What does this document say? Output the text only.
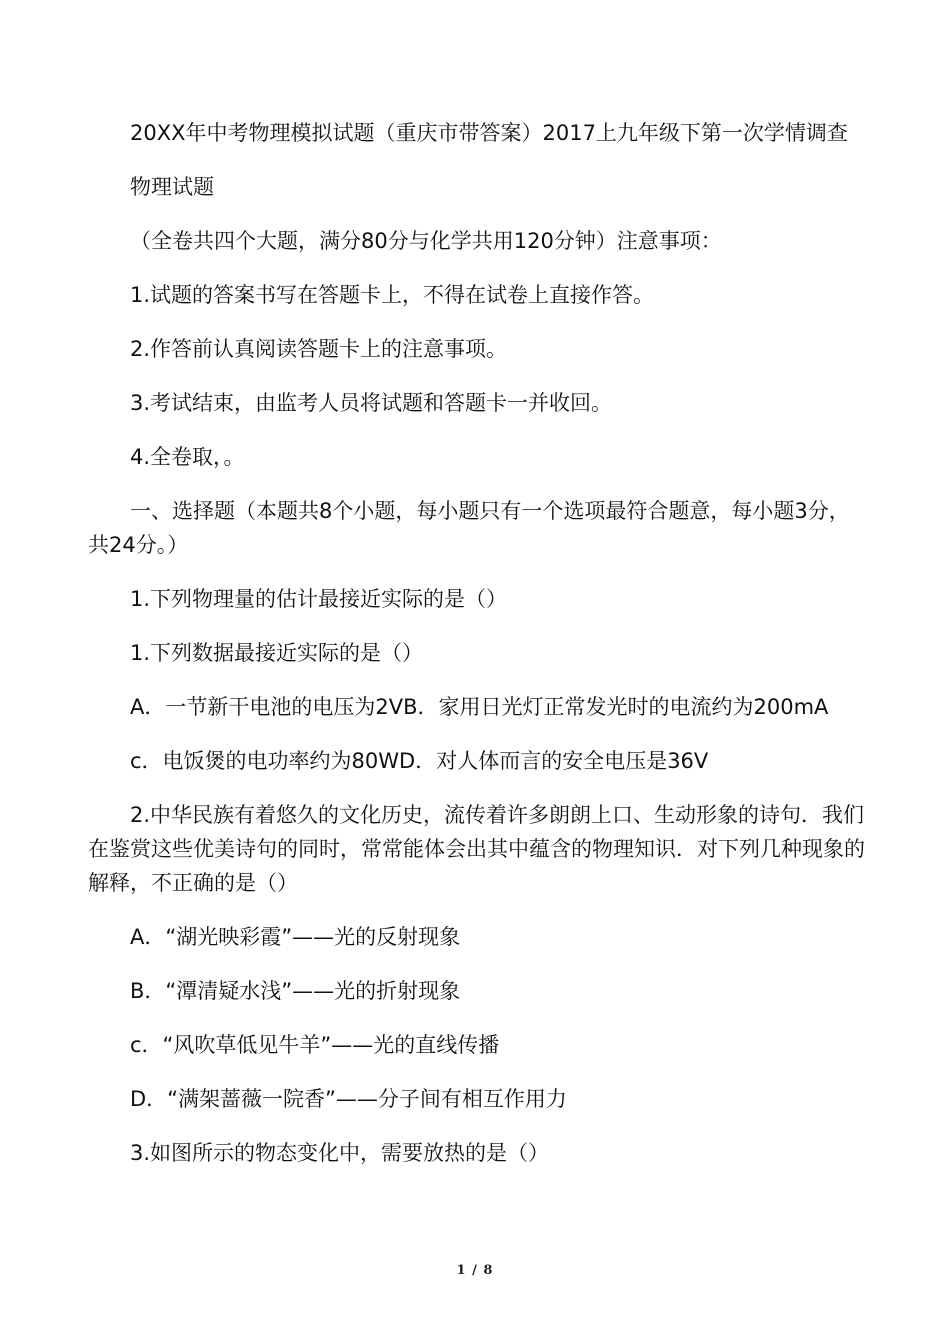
20XX年中考物理模拟试题（重庆市带答案）2017上九年级下第一次学情调查

物理试题

（全卷共四个大题，满分80分与化学共用120分钟）注意事项：

1.试题的答案书写在答题卡上，不得在试卷上直接作答。

2.作答前认真阅读答题卡上的注意事项。

3.考试结束，由监考人员将试题和答题卡一并收回。

4.全卷取，。

一、选择题（本题共8个小题，每小题只有一个选项最符合题意，每小题3分，共24分。）

1.下列物理量的估计最接近实际的是（）

1.下列数据最接近实际的是（）

A．一节新干电池的电压为2VB．家用日光灯正常发光时的电流约为200mA

c．电饭煲的电功率约为80WD．对人体而言的安全电压是36V

2.中华民族有着悠久的文化历史，流传着许多朗朗上口、生动形象的诗句．我们在鉴赏这些优美诗句的同时，常常能体会出其中蕴含的物理知识．对下列几种现象的解释，不正确的是（）

A．“湖光映彩霞”——光的反射现象

B．“潭清疑水浅”——光的折射现象

c．“风吹草低见牛羊”——光的直线传播

D．“满架蔷薇一院香”——分子间有相互作用力

3.如图所示的物态变化中，需要放热的是（）

1 / 8
